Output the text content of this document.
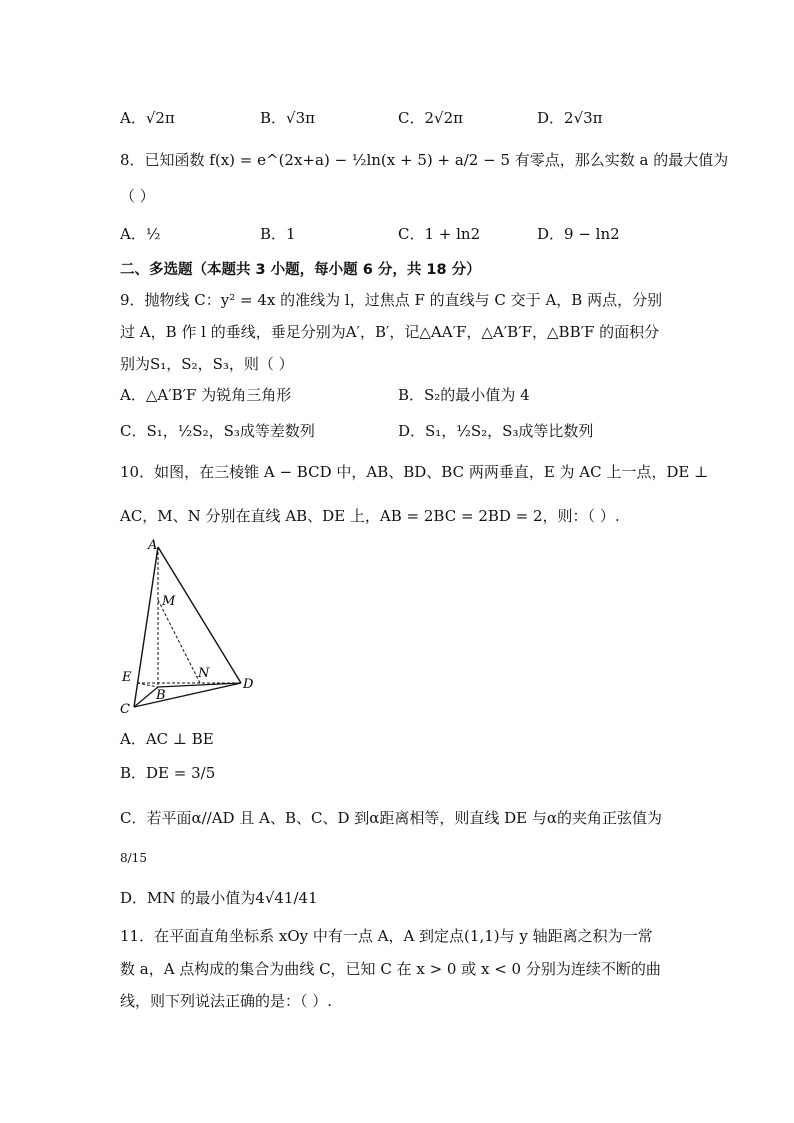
A．√2π	B．√3π	C．2√2π	D．2√3π
8．已知函数 f(x) = e^(2x+a) − ½ln(x + 5) + a/2 − 5 有零点，那么实数 a 的最大值为
（ ）
A．½	B．1	C．1 + ln2	D．9 − ln2
二、多选题（本题共 3 小题，每小题 6 分，共 18 分）
9．抛物线 C：y² = 4x 的准线为 l，过焦点 F 的直线与 C 交于 A，B 两点，分别
过 A，B 作 l 的垂线，垂足分别为A′，B′，记△AA′F，△A′B′F，△BB′F 的面积分
别为S₁，S₂，S₃，则（ ）
A．△A′B′F 为锐角三角形	B．S₂的最小值为 4
C．S₁，½S₂，S₃成等差数列	D．S₁，½S₂，S₃成等比数列
10．如图，在三棱锥 A − BCD 中，AB、BD、BC 两两垂直，E 为 AC 上一点，DE ⊥
AC，M、N 分别在直线 AB、DE 上，AB = 2BC = 2BD = 2，则：（ ）.
A
M
E	N
B
D
C
A．AC ⊥ BE
B．DE = 3/5
C．若平面α//AD 且 A、B、C、D 到α距离相等，则直线 DE 与α的夹角正弦值为
8/15
D．MN 的最小值为4√41/41
11．在平面直角坐标系 xOy 中有一点 A，A 到定点(1,1)与 y 轴距离之积为一常
数 a，A 点构成的集合为曲线 C，已知 C 在 x > 0 或 x < 0 分别为连续不断的曲
线，则下列说法正确的是：（ ）.
